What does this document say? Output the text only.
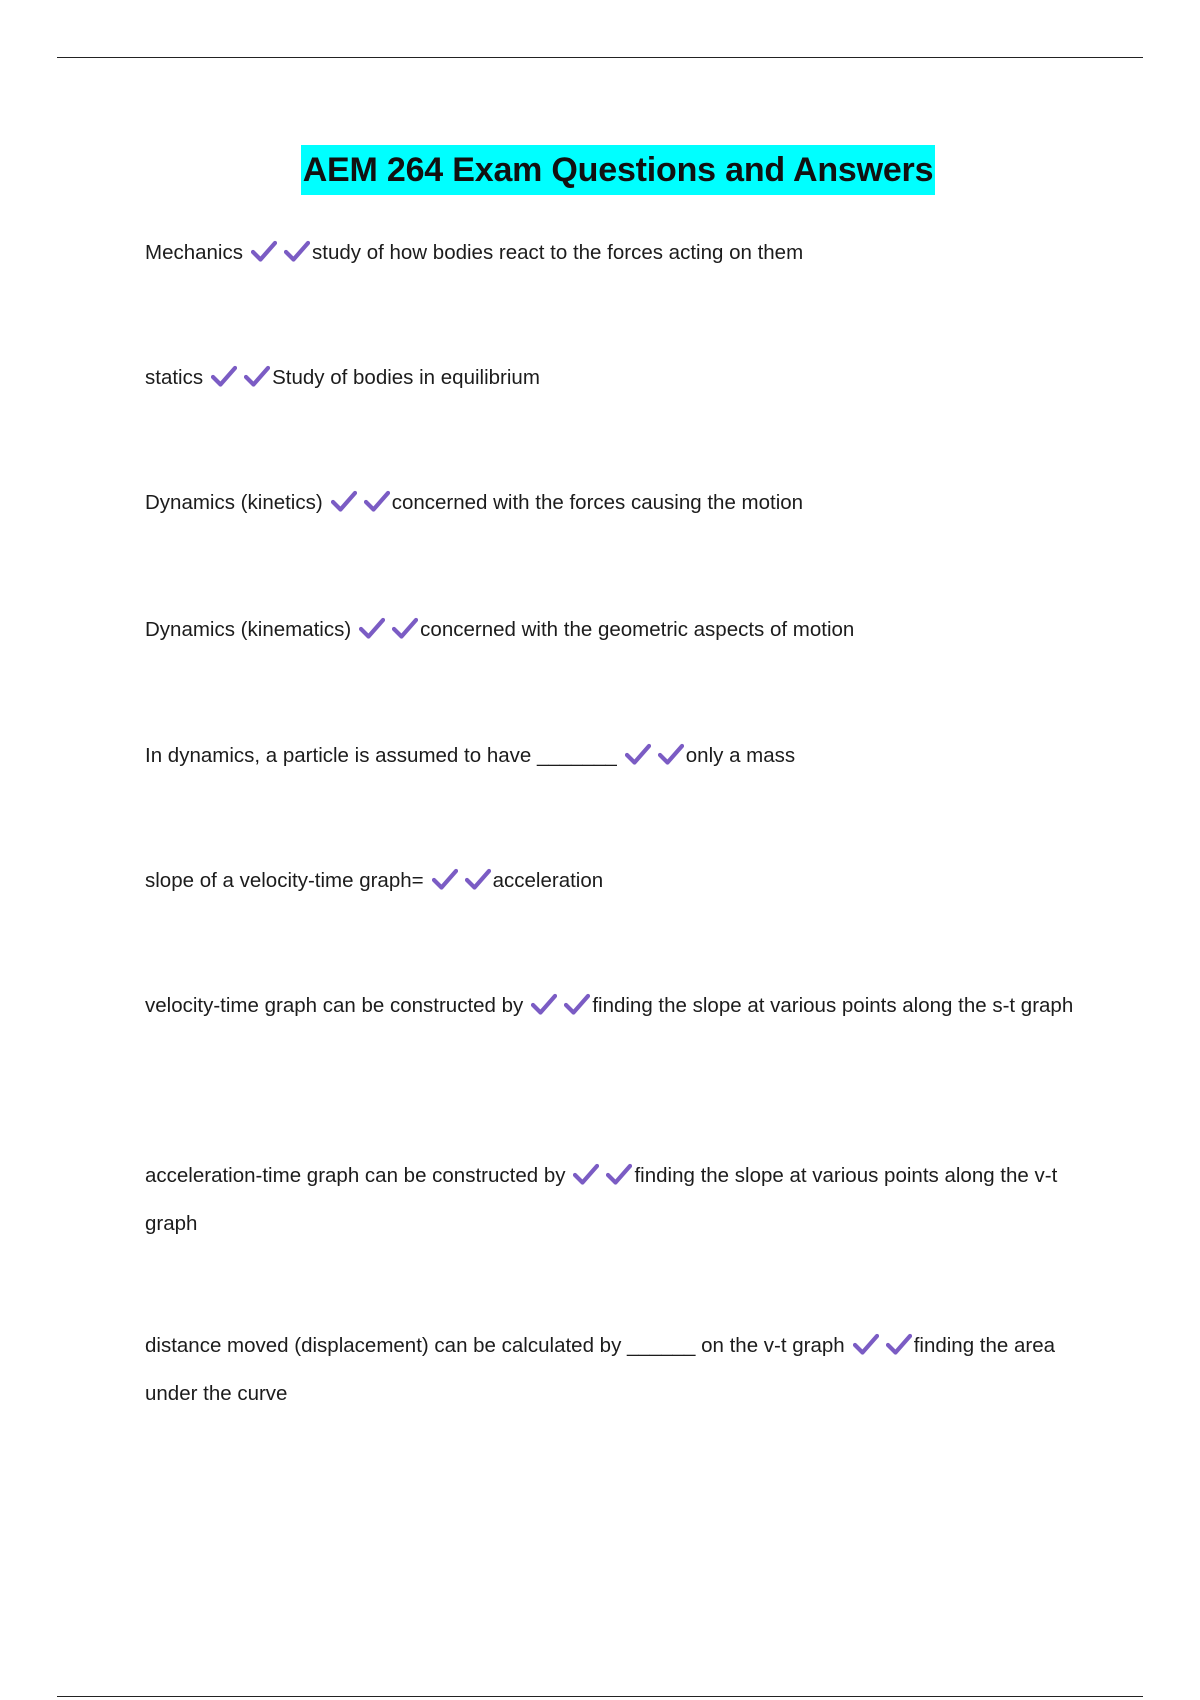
AEM 264 Exam Questions and Answers
Mechanics	study of how bodies react to the forces acting on them
statics	Study of bodies in equilibrium
Dynamics (kinetics)	concerned with the forces causing the motion
Dynamics (kinematics)	concerned with the geometric aspects of motion
In dynamics, a particle is assumed to have _______	only a mass
slope of a velocity-time graph=	acceleration
velocity-time graph can be constructed by	finding the slope at various points along the s-t graph
acceleration-time graph can be constructed by	finding the slope at various points along the v-t graph
distance moved (displacement) can be calculated by ______ on the v-t graph	finding the area under the curve
